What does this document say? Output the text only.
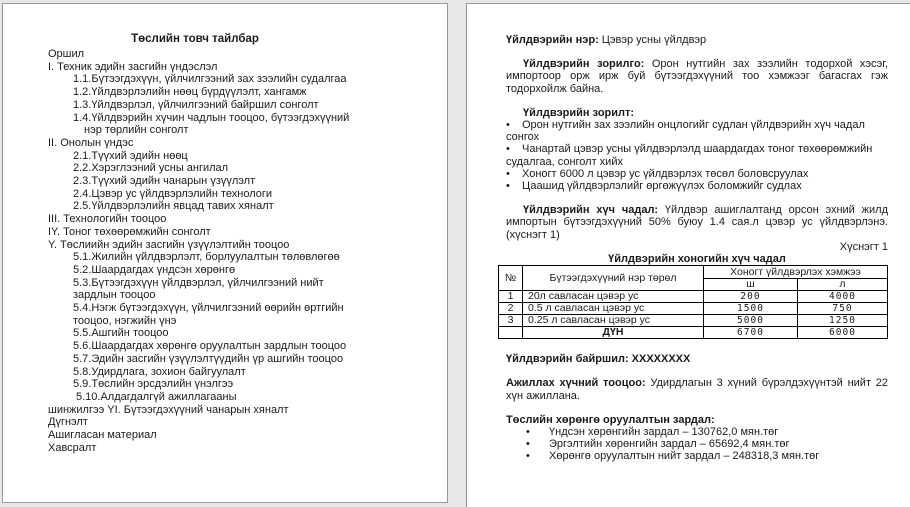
Төслийн товч тайлбар
Оршил
I. Техник эдийн засгийн үндэслэл
1.1.Бүтээгдэхүүн, үйлчилгээний зах зээлийн судалгаа
1.2.Үйлдвэрлэлийн нөөц бүрдүүлэлт, хангамж
1.3.Үйлдвэрлэл, үйлчилгээний байршил сонголт
1.4.Үйлдвэрийн хүчин чадлын тооцоо, бүтээгдэхүүний
нэр төрлийн сонголт
II. Онолын үндэс
2.1.Түүхий эдийн нөөц
2.2.Хэрэглээний усны ангилал
2.3.Түүхий эдийн чанарын үзүүлэлт
2.4.Цэвэр ус үйлдвэрлэлийн технологи
2.5.Үйлдвэрлэлийн явцад тавих хяналт
III. Технологийн тооцоо
IY. Тоног төхөөрөмжийн сонголт
Y. Төслиийн эдийн засгийн үзүүлэлтийн тооцоо
5.1.Жилийн үйлдвэрлэлт, борлуулалтын төлөвлөгөө
5.2.Шаардагдах үндсэн хөрөнгө
5.3.Бүтээгдэхүүн үйлдвэрлэл, үйлчилгээний нийт
зардлын тооцоо
5.4.Нэгж бүтээгдэхүүн, үйлчилгээний өөрийн өртгийн
тооцоо, нэгжийн үнэ
5.5.Ашгийн тооцоо
5.6.Шаардагдах хөрөнгө оруулалтын зардлын тооцоо
5.7.Эдийн засгийн үзүүлэлтүүдийн үр ашгийн тооцоо
5.8.Удирдлага, зохион байгуулалт
5.9.Төслийн эрсдэлийн үнэлгээ
5.10.Алдагдалгүй ажиллагааны
шинжилгээ YI. Бүтээгдэхүүний чанарын хяналт
Дүгнэлт
Ашигласан материал
Хавсралт
Үйлдвэрийн нэр: Цэвэр усны үйлдвэр
Үйлдвэрийн зорилго: Орон нутгийн зах зээлийн тодорхой хэсэг, импортоор орж ирж буй бүтээгдэхүүний тоо хэмжээг багасгах гэж тодорхойлж байна.
Үйлдвэрийн зорилт:
• Орон нутгийн зах зээлийн онцлогийг судлан үйлдвэрийн хүч чадал сонгох
• Чанартай цэвэр усны үйлдвэрлэлд шаардагдах тоног төхөөрөмжийн судалгаа, сонголт хийх
• Хоногт 6000 л цэвэр ус үйлдвэрлэх төсөл боловсруулах
• Цаашид үйлдвэрлэлийг өргөжүүлэх боломжийг судлах
Үйлдвэрийн хүч чадал: Үйлдвэр ашиглалтанд орсон эхний жилд импортын бүтээгдэхүүний 50% буюу 1.4 сая.л цэвэр ус үйлдвэрлэнэ. (хүснэгт 1)
Хүснэгт 1
Үйлдвэрийн хоногийн хүч чадал
№	Бүтээгдэхүүний нэр төрөл	Хоногт үйлдвэрлэх хэмжээ	
		ш	л
1	20л савласан цэвэр ус	200	4000
2	0.5 л савласан цэвэр ус	1500	750
3	0.25 л савласан цэвэр ус	5000	1250
	ДҮН	6700	6000
Үйлдвэрийн байршил: ХХХХХХХХ
Ажиллах хүчний тооцоо: Удирдлагын 3 хүний бүрэлдэхүүнтэй нийт 22 хүн ажиллана.
Төслийн хөрөнгө оруулалтын зардал:
• Үндсэн хөрөнгийн зардал – 130762,0 мян.төг
• Эргэлтийн хөрөнгийн зардал – 65692,4 мян.төг
• Хөрөнгө оруулалтын нийт зардал – 248318,3 мян.төг
